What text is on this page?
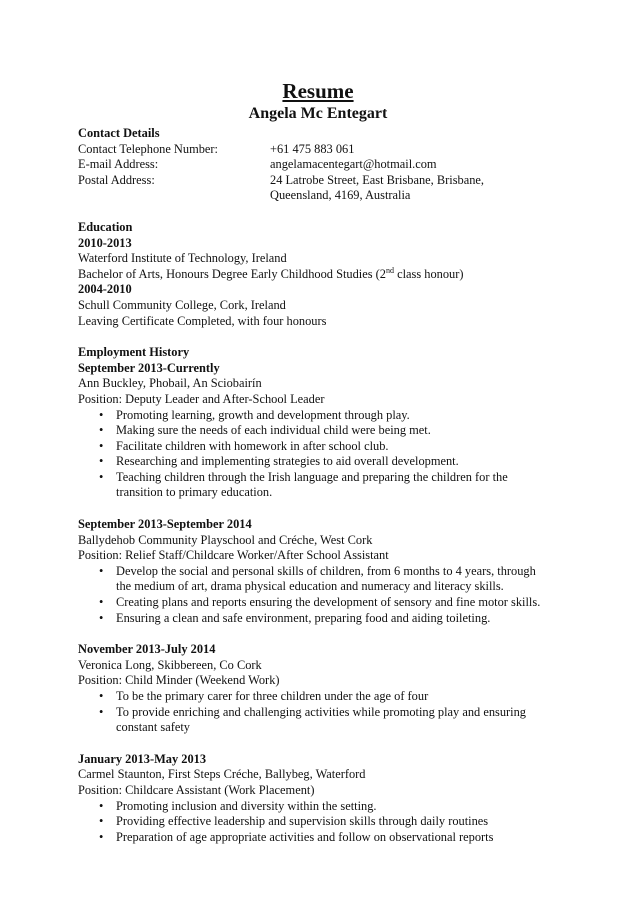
Resume
Angela Mc Entegart
Contact Details
Contact Telephone Number:	+61 475 883 061
E-mail Address:	angelamacentegart@hotmail.com
Postal Address:	24 Latrobe Street, East Brisbane, Brisbane,
Queensland, 4169, Australia
Education
2010-2013
Waterford Institute of Technology, Ireland
Bachelor of Arts, Honours Degree Early Childhood Studies (2nd class honour)
2004-2010
Schull Community College, Cork, Ireland
Leaving Certificate Completed, with four honours
Employment History
September 2013-Currently
Ann Buckley, Phobail, An Sciobairín
Position: Deputy Leader and After-School Leader
• Promoting learning, growth and development through play.
• Making sure the needs of each individual child were being met.
• Facilitate children with homework in after school club.
• Researching and implementing strategies to aid overall development.
• Teaching children through the Irish language and preparing the children for the
transition to primary education.
September 2013-September 2014
Ballydehob Community Playschool and Créche, West Cork
Position: Relief Staff/Childcare Worker/After School Assistant
• Develop the social and personal skills of children, from 6 months to 4 years, through
the medium of art, drama physical education and numeracy and literacy skills.
• Creating plans and reports ensuring the development of sensory and fine motor skills.
• Ensuring a clean and safe environment, preparing food and aiding toileting.
November 2013-July 2014
Veronica Long, Skibbereen, Co Cork
Position: Child Minder (Weekend Work)
• To be the primary carer for three children under the age of four
• To provide enriching and challenging activities while promoting play and ensuring
constant safety
January 2013-May 2013
Carmel Staunton, First Steps Créche, Ballybeg, Waterford
Position: Childcare Assistant (Work Placement)
• Promoting inclusion and diversity within the setting.
• Providing effective leadership and supervision skills through daily routines
• Preparation of age appropriate activities and follow on observational reports
